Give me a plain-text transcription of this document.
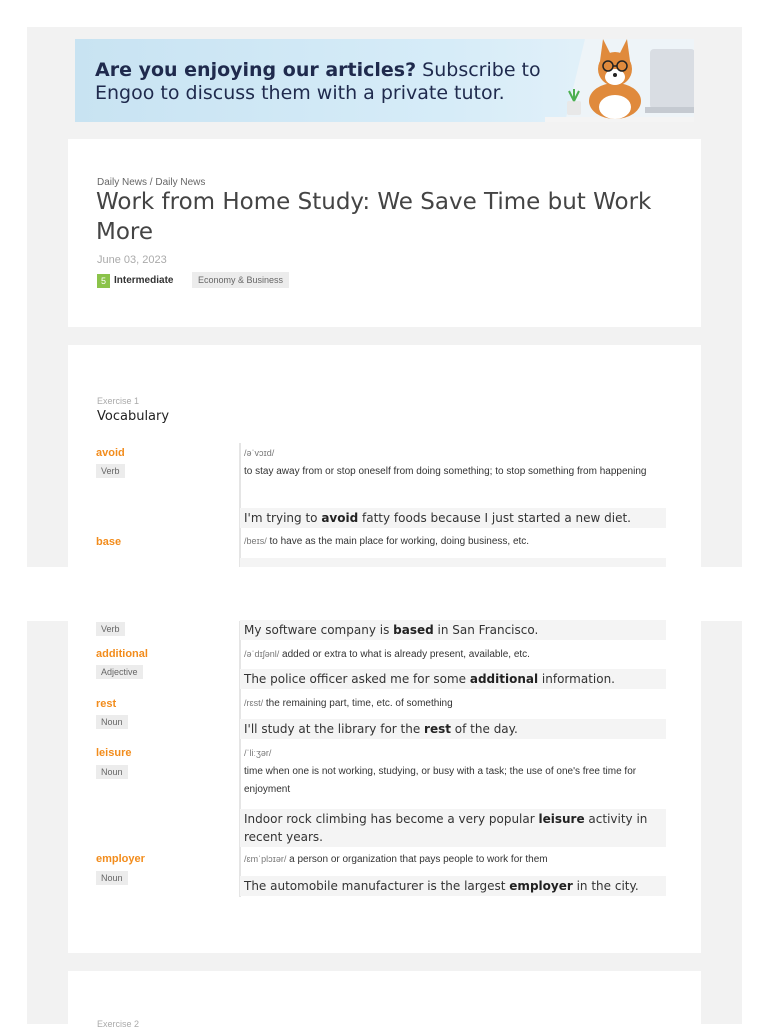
Are you enjoying our articles? Subscribe to Engoo to discuss them with a private tutor.
Daily News / Daily News
Work from Home Study: We Save Time but Work More
June 03, 2023
5 Intermediate	Economy & Business
Exercise 1
Vocabulary
avoid
Verb
/əˈvɔɪd/
to stay away from or stop oneself from doing something; to stop something from happening
I'm trying to avoid fatty foods because I just started a new diet.
base	/beɪs/ to have as the main place for working, doing business, etc.
Verb	My software company is based in San Francisco.
additional
Adjective
/əˈdɪʃənl/ added or extra to what is already present, available, etc.
The police officer asked me for some additional information.
rest
Noun
/rɛst/ the remaining part, time, etc. of something
I'll study at the library for the rest of the day.
leisure
Noun
/ˈliːʒər/
time when one is not working, studying, or busy with a task; the use of one's free time for enjoyment
Indoor rock climbing has become a very popular leisure activity in recent years.
employer
Noun
/ɛmˈplɔɪər/ a person or organization that pays people to work for them
The automobile manufacturer is the largest employer in the city.
Exercise 2
